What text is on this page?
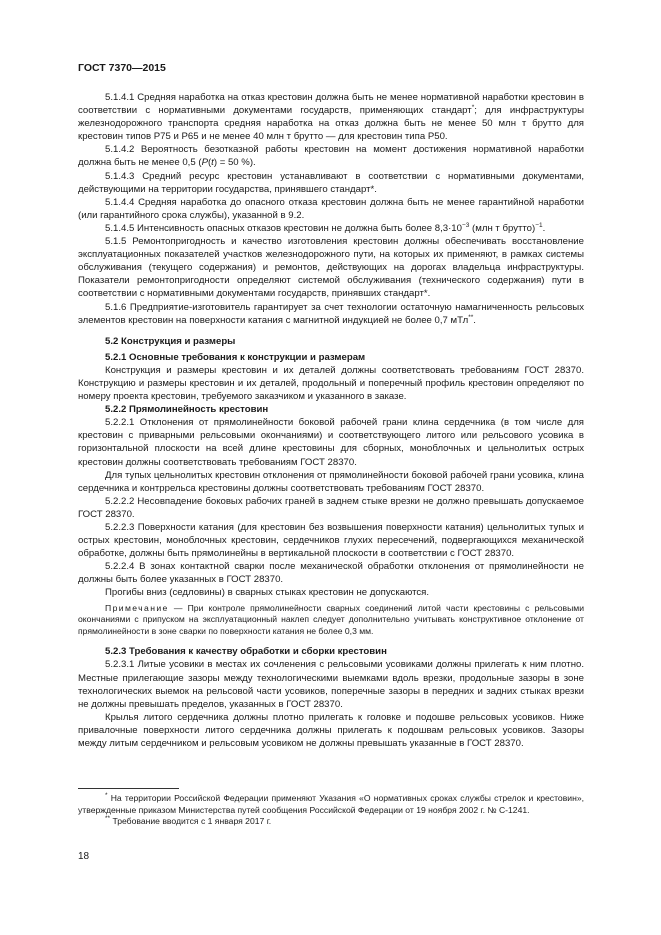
ГОСТ 7370—2015

5.1.4.1 Средняя наработка на отказ крестовин должна быть не менее нормативной наработки крестовин в соответствии с нормативными документами государств, применяющих стандарт*; для инфраструктуры железнодорожного транспорта средняя наработка на отказ должна быть не менее 50 млн т брутто для крестовин типов Р75 и Р65 и не менее 40 млн т брутто — для крестовин типа Р50.

5.1.4.2 Вероятность безотказной работы крестовин на момент достижения нормативной наработки должна быть не менее 0,5 (P(t) = 50 %).

5.1.4.3 Средний ресурс крестовин устанавливают в соответствии с нормативными документами, действующими на территории государства, принявшего стандарт*.

5.1.4.4 Средняя наработка до опасного отказа крестовин должна быть не менее гарантийной наработки (или гарантийного срока службы), указанной в 9.2.

5.1.4.5 Интенсивность опасных отказов крестовин не должна быть более $8,3\cdot 10^{-3}$ (млн т брутто)$^{-1}$.

5.1.5 Ремонтопригодность и качество изготовления крестовин должны обеспечивать восстановление эксплуатационных показателей участков железнодорожного пути, на которых их применяют, в рамках системы обслуживания (текущего содержания) и ремонтов, действующих на дорогах владельца инфраструктуры. Показатели ремонтопригодности определяют системой обслуживания (технического содержания) пути в соответствии с нормативными документами государств, принявших стандарт*.

5.1.6 Предприятие-изготовитель гарантирует за счет технологии остаточную намагниченность рельсовых элементов крестовин на поверхности катания с магнитной индукцией не более 0,7 мТл**.

5.2 Конструкция и размеры
5.2.1 Основные требования к конструкции и размерам

Конструкция и размеры крестовин и их деталей должны соответствовать требованиям ГОСТ 28370. Конструкцию и размеры крестовин и их деталей, продольный и поперечный профиль крестовин определяют по номеру проекта крестовин, требуемого заказчиком и указанного в заказе.

5.2.2 Прямолинейность крестовин

5.2.2.1 Отклонения от прямолинейности боковой рабочей грани клина сердечника (в том числе для крестовин с приварными рельсовыми окончаниями) и соответствующего литого или рельсового усовика в горизонтальной плоскости на всей длине крестовины для сборных, моноблочных и цельнолитых острых крестовин должны соответствовать требованиям ГОСТ 28370.

Для тупых цельнолитых крестовин отклонения от прямолинейности боковой рабочей грани усовика, клина сердечника и контррельса крестовины должны соответствовать требованиям ГОСТ 28370.

5.2.2.2 Несовпадение боковых рабочих граней в заднем стыке врезки не должно превышать допускаемое ГОСТ 28370.

5.2.2.3 Поверхности катания (для крестовин без возвышения поверхности катания) цельнолитых тупых и острых крестовин, моноблочных крестовин, сердечников глухих пересечений, подвергающихся механической обработке, должны быть прямолинейны в вертикальной плоскости в соответствии с ГОСТ 28370.

5.2.2.4 В зонах контактной сварки после механической обработки отклонения от прямолинейности не должны быть более указанных в ГОСТ 28370.

Прогибы вниз (седловины) в сварных стыках крестовин не допускаются.

Примечание — При контроле прямолинейности сварных соединений литой части крестовины с рельсовыми окончаниями с припуском на эксплуатационный наклеп следует дополнительно учитывать конструктивное отклонение от прямолинейности в зоне сварки по поверхности катания не более 0,3 мм.

5.2.3 Требования к качеству обработки и сборки крестовин

5.2.3.1 Литые усовики в местах их сочленения с рельсовыми усовиками должны прилегать к ним плотно. Местные прилегающие зазоры между технологическими выемками вдоль врезки, продольные зазоры в зоне технологических выемок на рельсовой части усовиков, поперечные зазоры в передних и задних стыках врезки не должны превышать пределов, указанных в ГОСТ 28370.

Крылья литого сердечника должны плотно прилегать к головке и подошве рельсовых усовиков. Ниже привалочные поверхности литого сердечника должны прилегать к подошвам рельсовых усовиков. Зазоры между литым сердечником и рельсовым усовиком не должны превышать указанные в ГОСТ 28370.

* На территории Российской Федерации применяют Указания «О нормативных сроках службы стрелок и крестовин», утвержденные приказом Министерства путей сообщения Российской Федерации от 19 ноября 2002 г. № С-1241.

** Требование вводится с 1 января 2017 г.

18
